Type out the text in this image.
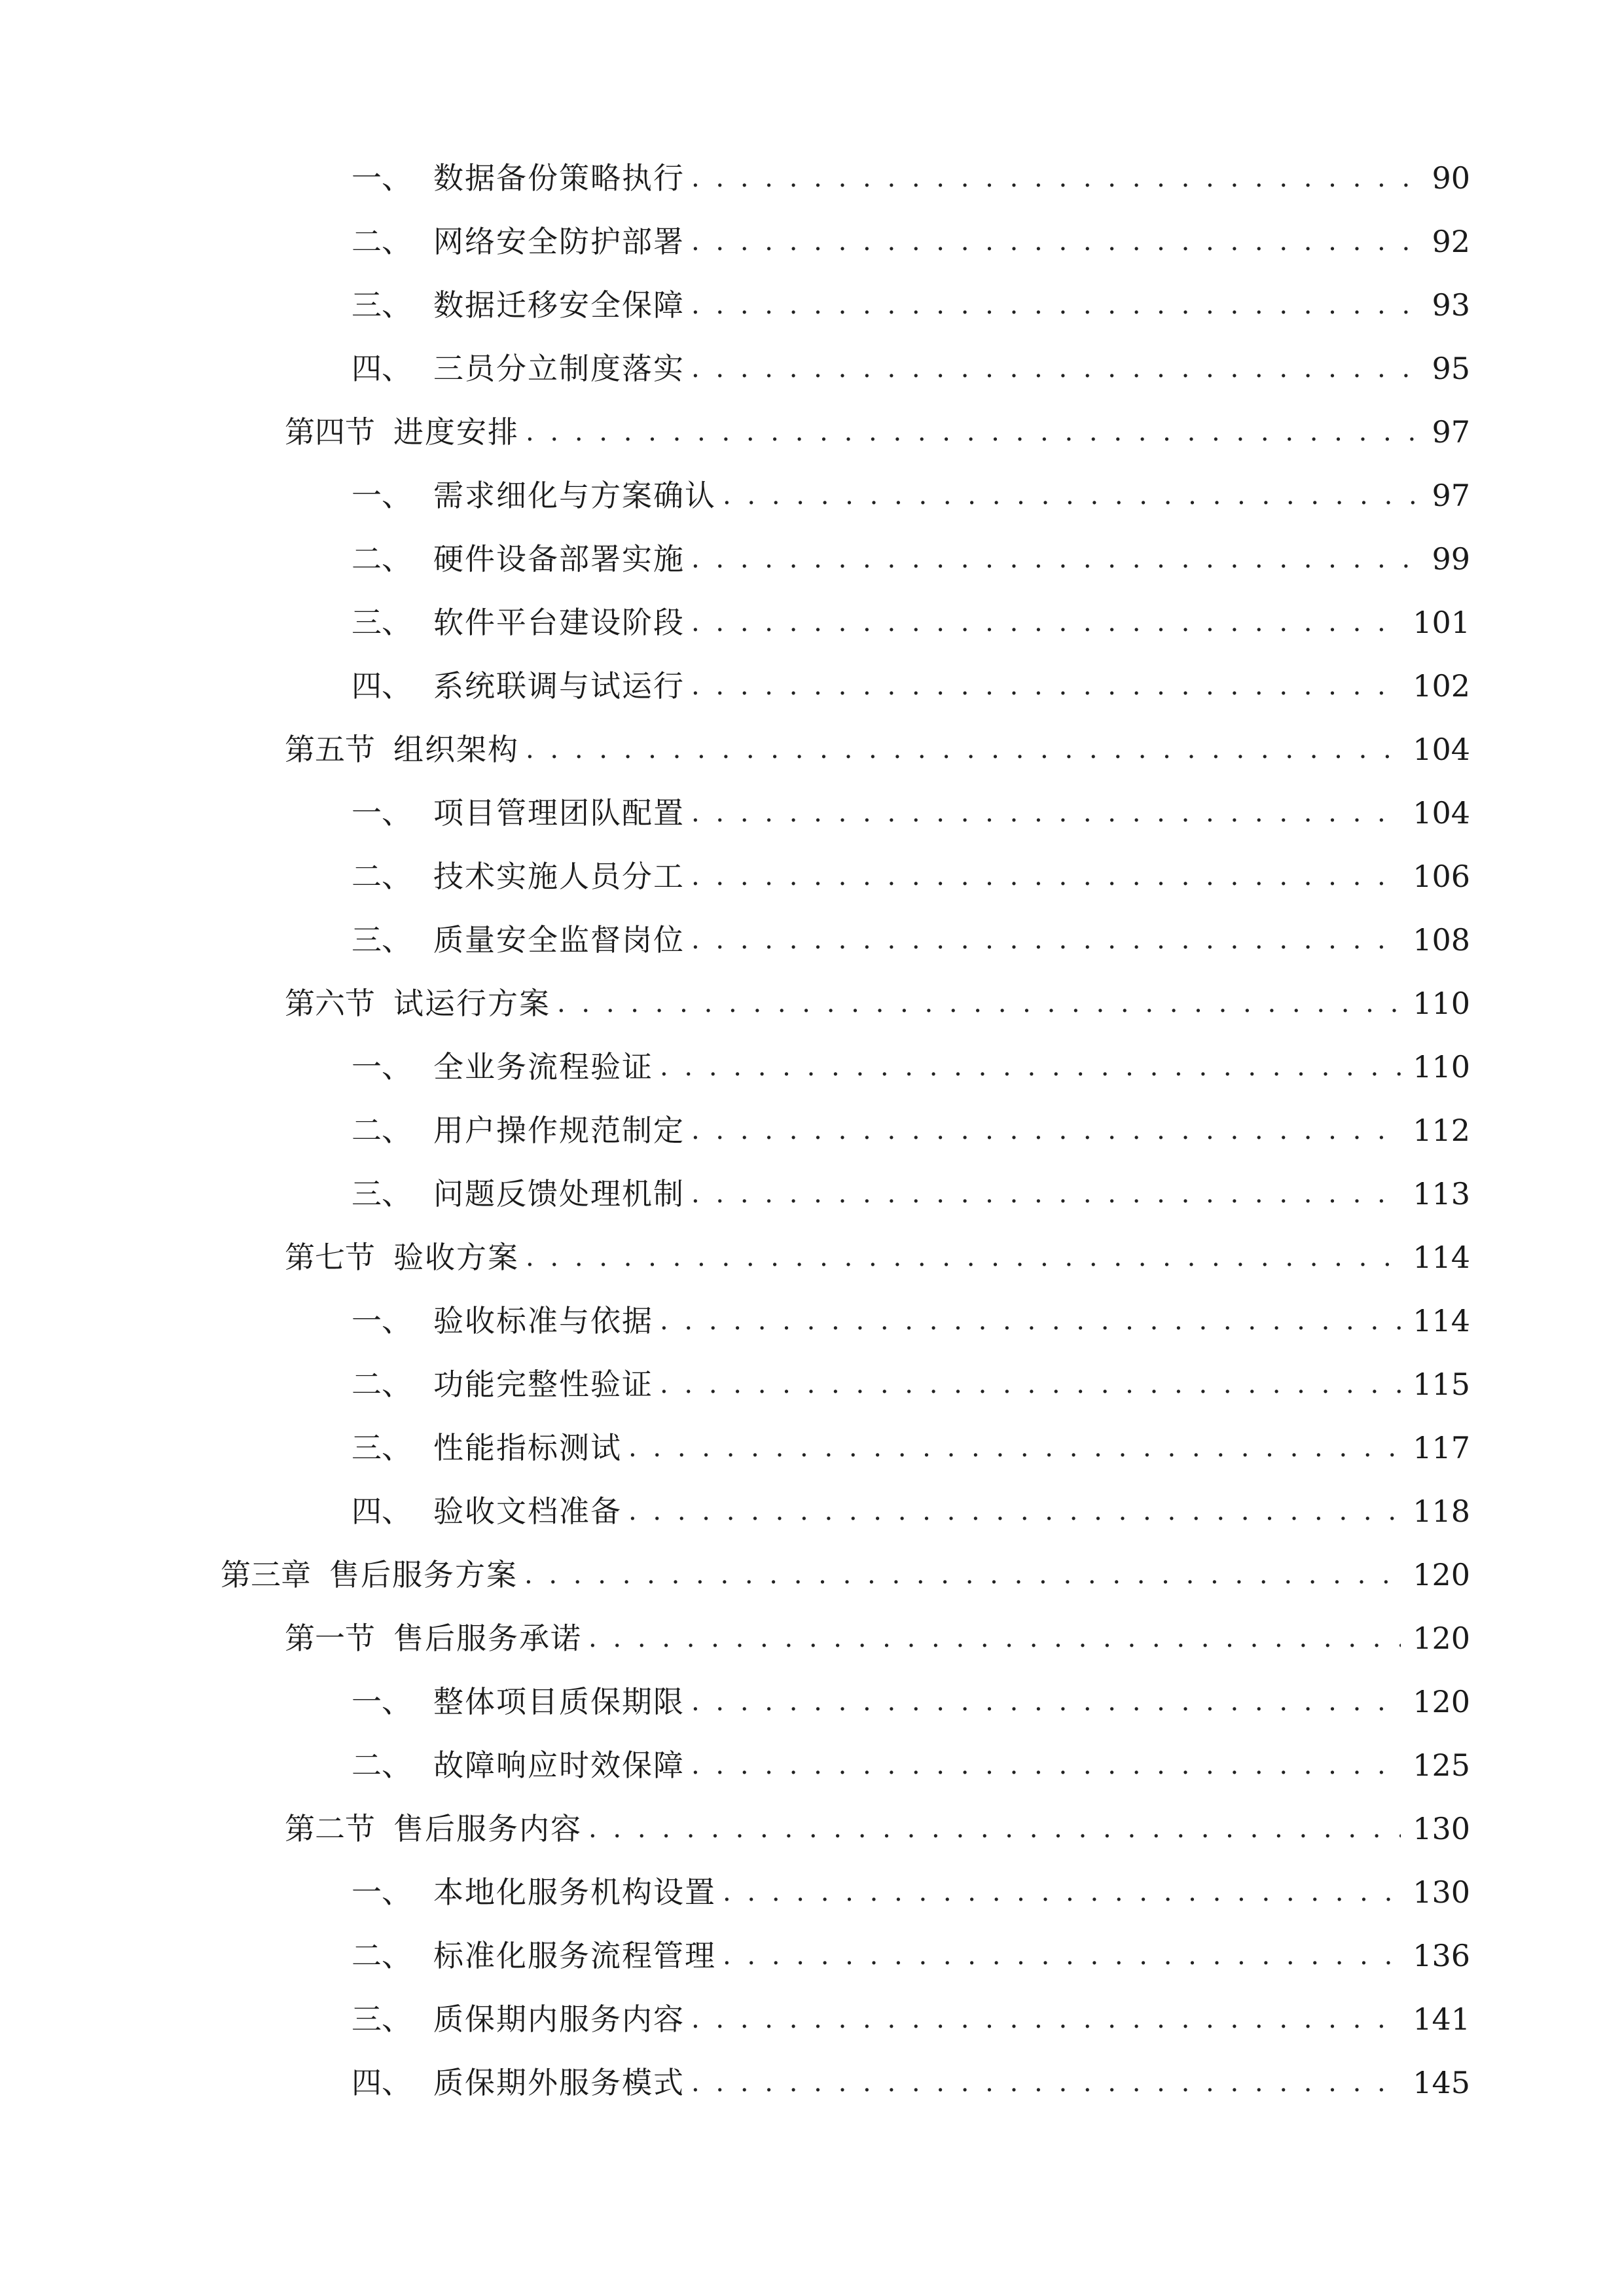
一、 数据备份策略执行 . . .	90
二、 网络安全防护部署 . . .	92
三、 数据迁移安全保障 . . .	93
四、 三员分立制度落实 . . .	95
第四节 进度安排 . . .	97
一、 需求细化与方案确认 . . .	97
二、 硬件设备部署实施 . . .	99
三、 软件平台建设阶段 . . .	101
四、 系统联调与试运行 . . .	102
第五节 组织架构 . . .	104
一、 项目管理团队配置 . . .	104
二、 技术实施人员分工 . . .	106
三、 质量安全监督岗位 . . .	108
第六节 试运行方案 . . .	110
一、 全业务流程验证 . . .	110
二、 用户操作规范制定 . . .	112
三、 问题反馈处理机制 . . .	113
第七节 验收方案 . . .	114
一、 验收标准与依据 . . .	114
二、 功能完整性验证 . . .	115
三、 性能指标测试 . . .	117
四、 验收文档准备 . . .	118
第三章 售后服务方案 . . .	120
第一节 售后服务承诺 . . .	120
一、 整体项目质保期限 . . .	120
二、 故障响应时效保障 . . .	125
第二节 售后服务内容 . . .	130
一、 本地化服务机构设置 . . .	130
二、 标准化服务流程管理 . . .	136
三、 质保期内服务内容 . . .	141
四、 质保期外服务模式 . . .	145
